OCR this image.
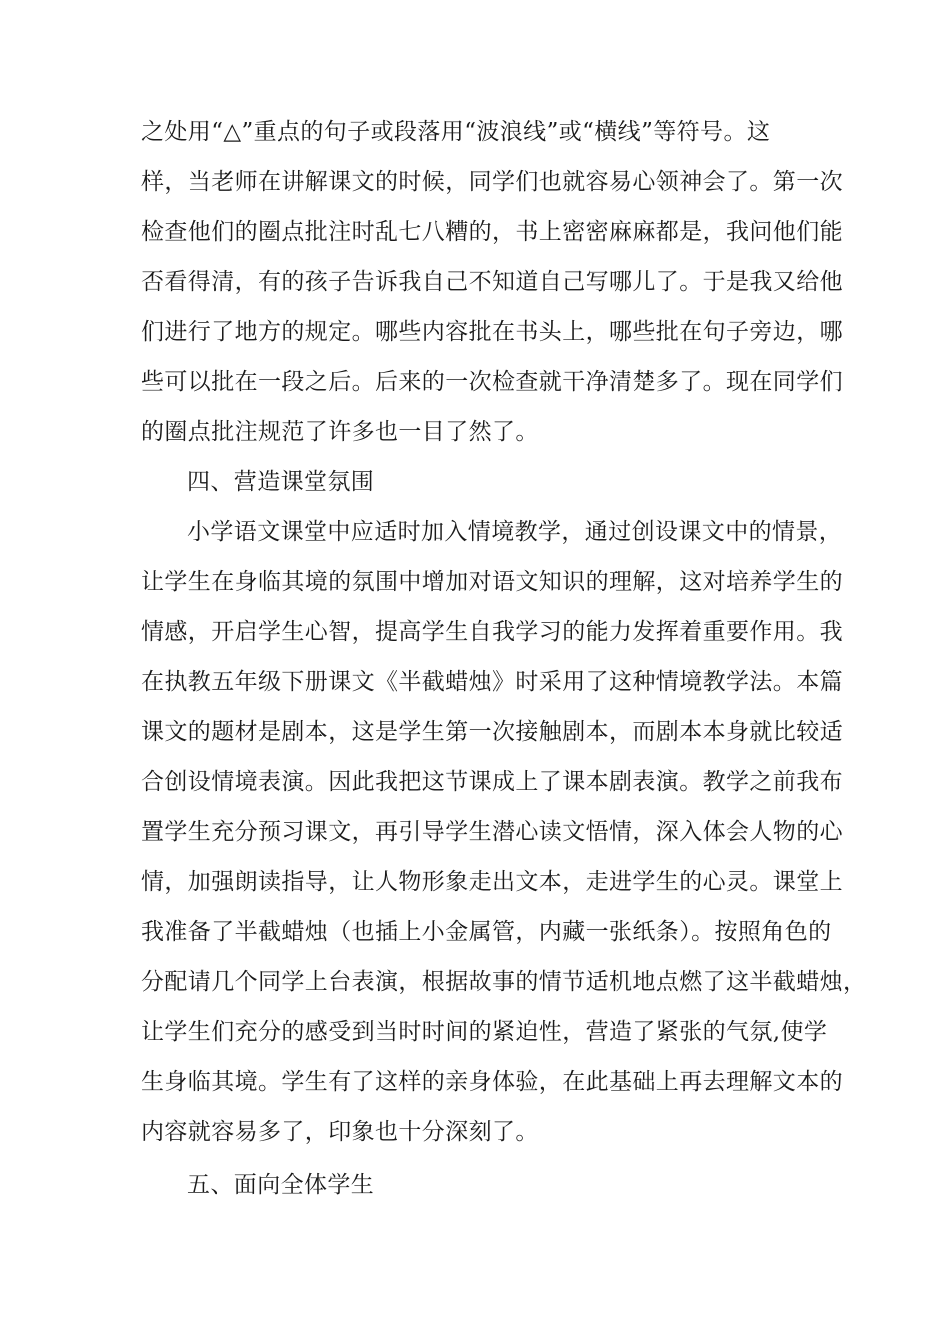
之处用“△”重点的句子或段落用“波浪线”或“横线”等符号。这
样，当老师在讲解课文的时候，同学们也就容易心领神会了。第一次
检查他们的圈点批注时乱七八糟的，书上密密麻麻都是，我问他们能
否看得清，有的孩子告诉我自己不知道自己写哪儿了。于是我又给他
们进行了地方的规定。哪些内容批在书头上，哪些批在句子旁边，哪
些可以批在一段之后。后来的一次检查就干净清楚多了。现在同学们
的圈点批注规范了许多也一目了然了。
四、营造课堂氛围
小学语文课堂中应适时加入情境教学，通过创设课文中的情景，
让学生在身临其境的氛围中增加对语文知识的理解，这对培养学生的
情感，开启学生心智，提高学生自我学习的能力发挥着重要作用。我
在执教五年级下册课文《半截蜡烛》时采用了这种情境教学法。本篇
课文的题材是剧本，这是学生第一次接触剧本，而剧本本身就比较适
合创设情境表演。因此我把这节课成上了课本剧表演。教学之前我布
置学生充分预习课文，再引导学生潜心读文悟情，深入体会人物的心
情，加强朗读指导，让人物形象走出文本，走进学生的心灵。课堂上
我准备了半截蜡烛（也插上小金属管，内藏一张纸条）。按照角色的
分配请几个同学上台表演，根据故事的情节适机地点燃了这半截蜡烛，
让学生们充分的感受到当时时间的紧迫性，营造了紧张的气氛,使学
生身临其境。学生有了这样的亲身体验，在此基础上再去理解文本的
内容就容易多了，印象也十分深刻了。
五、面向全体学生
